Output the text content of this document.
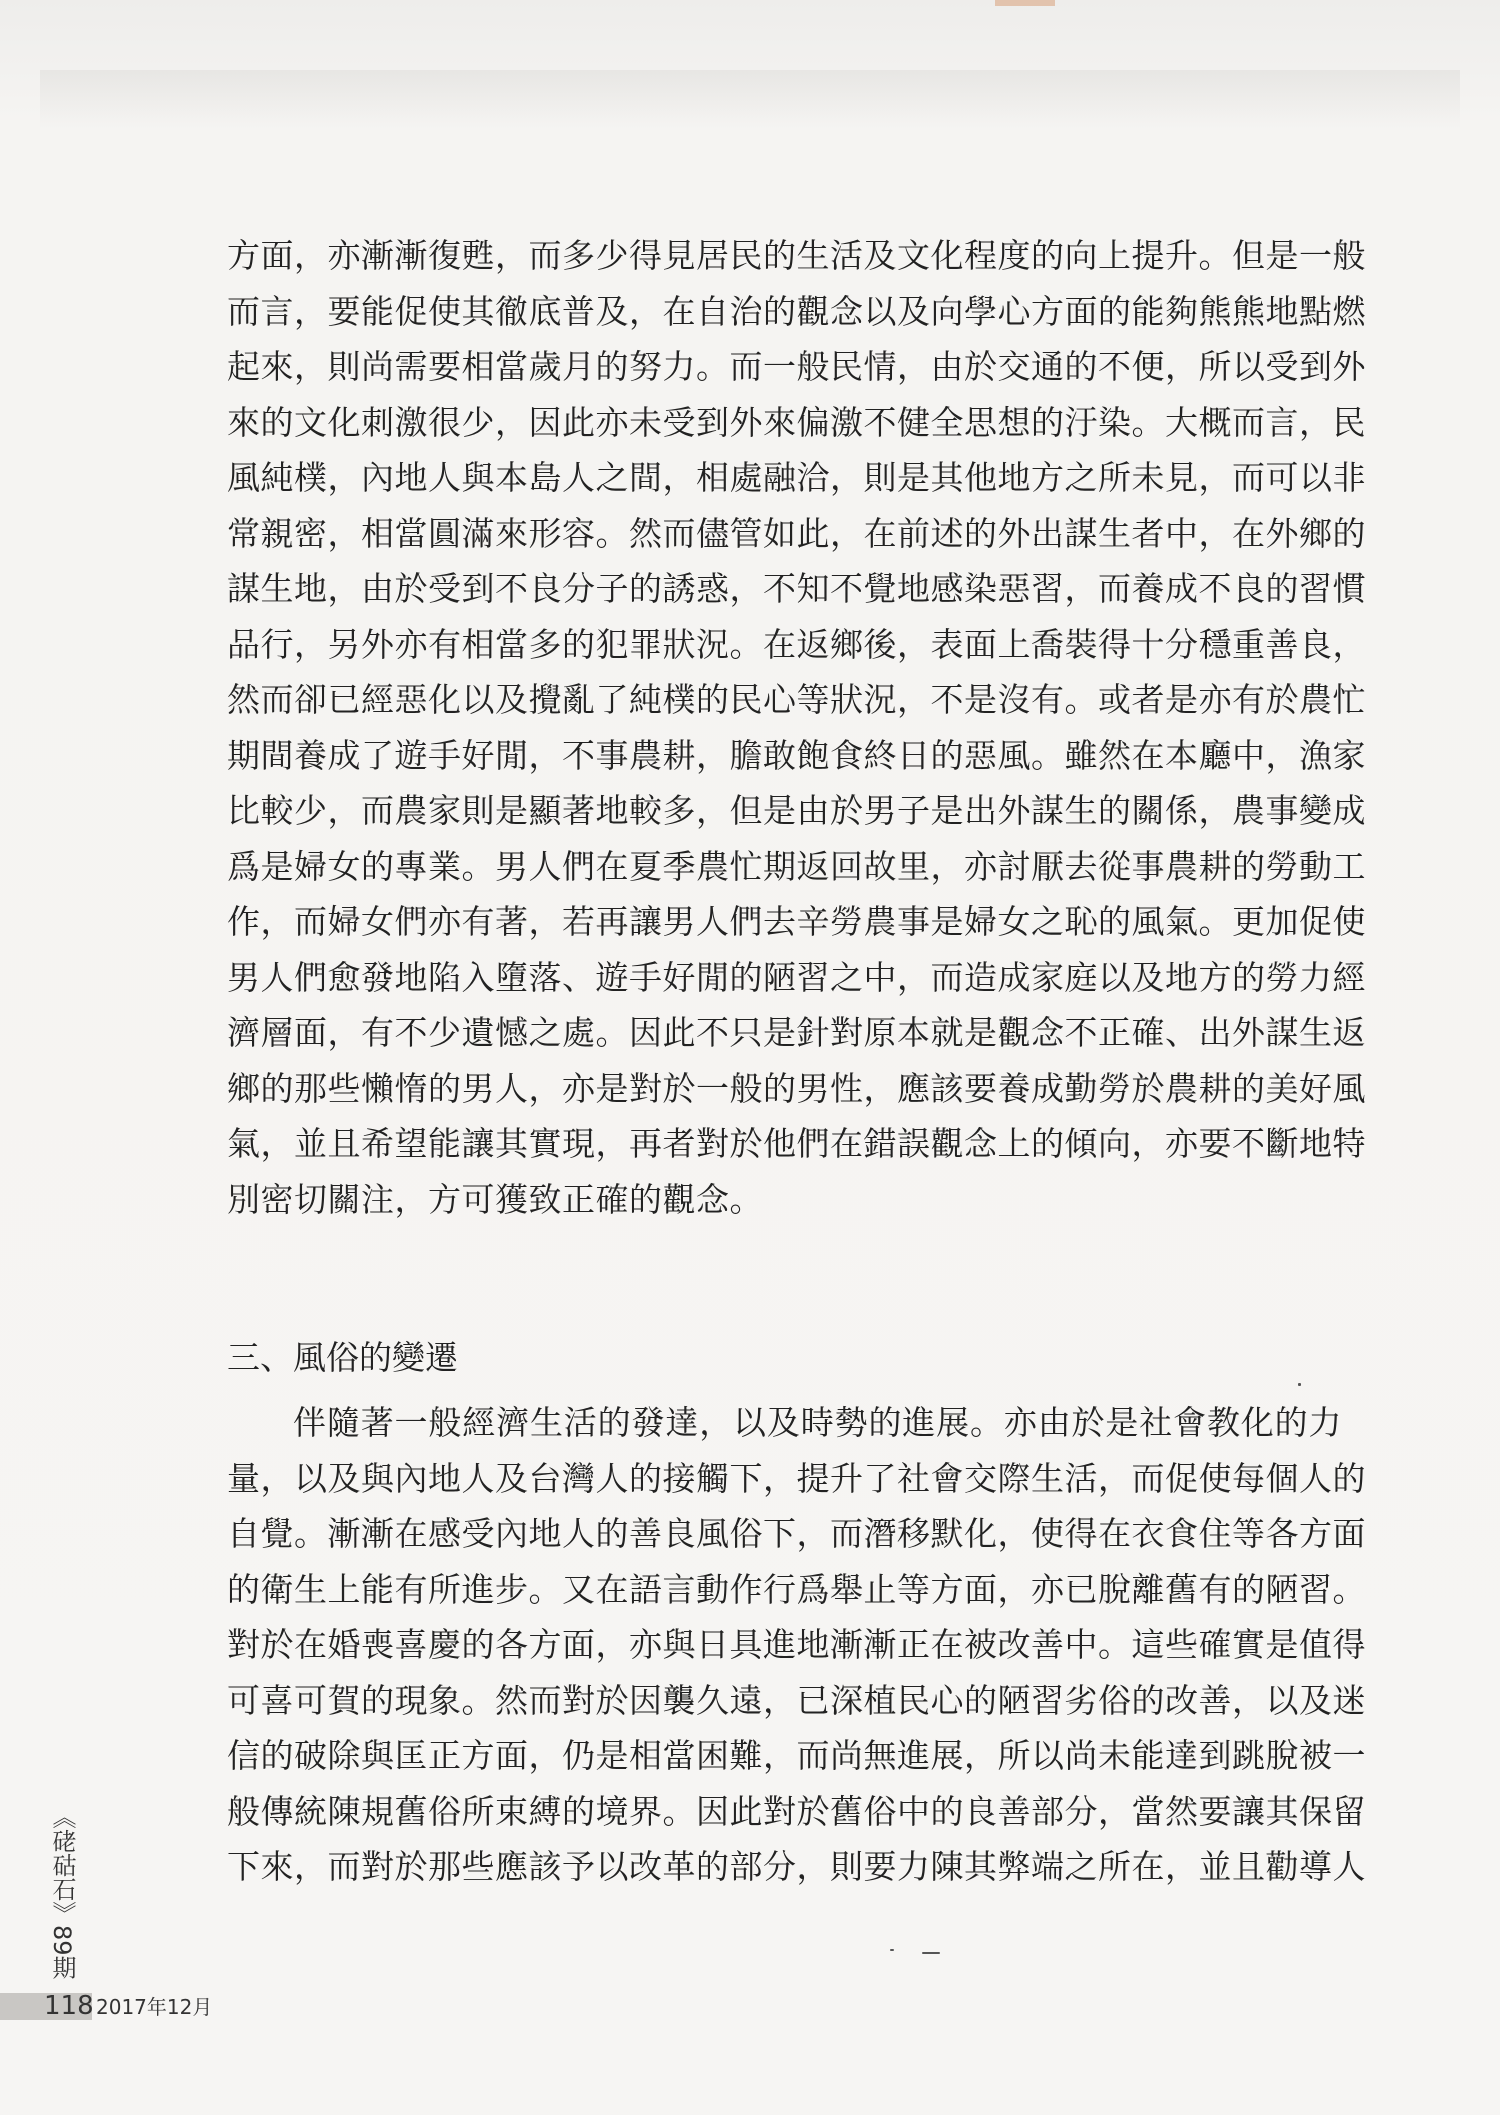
方面，亦漸漸復甦，而多少得見居民的生活及文化程度的向上提升。但是一般
而言，要能促使其徹底普及，在自治的觀念以及向學心方面的能夠熊熊地點燃
起來，則尚需要相當歲月的努力。而一般民情，由於交通的不便，所以受到外
來的文化刺激很少，因此亦未受到外來偏激不健全思想的汙染。大概而言，民
風純樸，內地人與本島人之間，相處融洽，則是其他地方之所未見，而可以非
常親密，相當圓滿來形容。然而儘管如此，在前述的外出謀生者中，在外鄉的
謀生地，由於受到不良分子的誘惑，不知不覺地感染惡習，而養成不良的習慣
品行，另外亦有相當多的犯罪狀況。在返鄉後，表面上喬裝得十分穩重善良，
然而卻已經惡化以及攪亂了純樸的民心等狀況，不是沒有。或者是亦有於農忙
期間養成了遊手好閒，不事農耕，膽敢飽食終日的惡風。雖然在本廳中，漁家
比較少，而農家則是顯著地較多，但是由於男子是出外謀生的關係，農事變成
爲是婦女的專業。男人們在夏季農忙期返回故里，亦討厭去從事農耕的勞動工
作，而婦女們亦有著，若再讓男人們去辛勞農事是婦女之恥的風氣。更加促使
男人們愈發地陷入墮落、遊手好閒的陋習之中，而造成家庭以及地方的勞力經
濟層面，有不少遺憾之處。因此不只是針對原本就是觀念不正確、出外謀生返
鄉的那些懶惰的男人，亦是對於一般的男性，應該要養成勤勞於農耕的美好風
氣，並且希望能讓其實現，再者對於他們在錯誤觀念上的傾向，亦要不斷地特
別密切關注，方可獲致正確的觀念。
三、風俗的變遷
伴隨著一般經濟生活的發達，以及時勢的進展。亦由於是社會教化的力
量，以及與內地人及台灣人的接觸下，提升了社會交際生活，而促使每個人的
自覺。漸漸在感受內地人的善良風俗下，而潛移默化，使得在衣食住等各方面
的衛生上能有所進步。又在語言動作行爲舉止等方面，亦已脫離舊有的陋習。
對於在婚喪喜慶的各方面，亦與日具進地漸漸正在被改善中。這些確實是值得
可喜可賀的現象。然而對於因襲久遠，已深植民心的陋習劣俗的改善，以及迷
信的破除與匡正方面，仍是相當困難，而尚無進展，所以尚未能達到跳脫被一
般傳統陳規舊俗所束縛的境界。因此對於舊俗中的良善部分，當然要讓其保留
下來，而對於那些應該予以改革的部分，則要力陳其弊端之所在，並且勸導人
《硓𥑮石》89期
118 2017年12月
